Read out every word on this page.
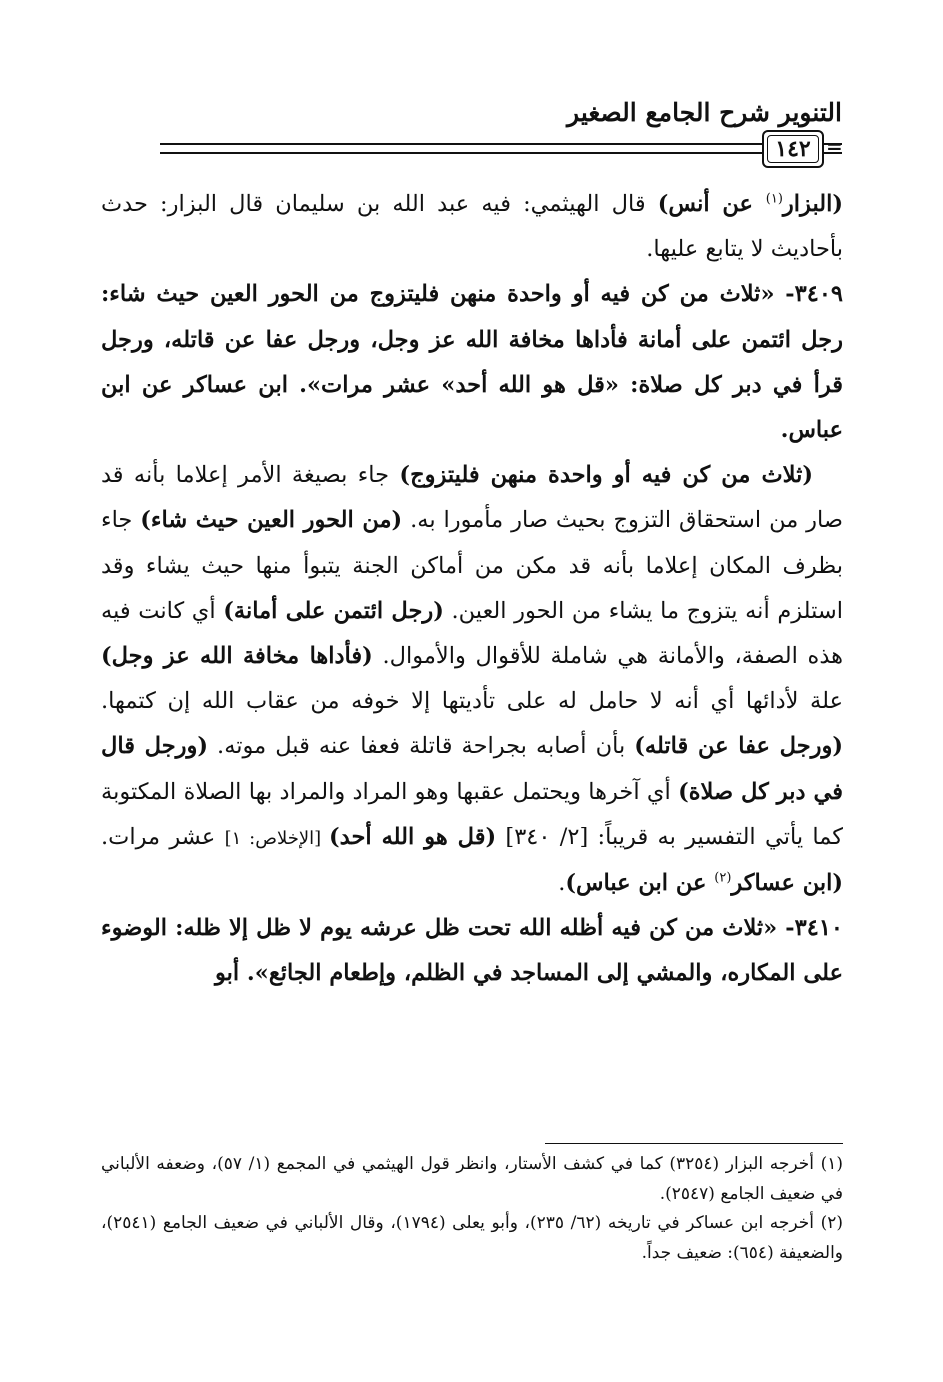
التنوير شرح الجامع الصغير
١٤٢ =

(البزار$^{(١)}$ عن أنس) قال الهيثمي: فيه عبد الله بن سليمان قال البزار: حدث بأحاديث لا يتابع عليها.

٣٤٠٩- «ثلاث من كن فيه أو واحدة منهن فليتزوج من الحور العين حيث شاء: رجل ائتمن على أمانة فأداها مخافة الله عز وجل، ورجل عفا عن قاتله، ورجل قرأ في دبر كل صلاة: «قل هو الله أحد» عشر مرات». ابن عساكر عن ابن عباس.

(ثلاث من كن فيه أو واحدة منهن فليتزوج) جاء بصيغة الأمر إعلاما بأنه قد صار من استحقاق التزوج بحيث صار مأمورا به. (من الحور العين حيث شاء) جاء بظرف المكان إعلاما بأنه قد مكن من أماكن الجنة يتبوأ منها حيث يشاء وقد استلزم أنه يتزوج ما يشاء من الحور العين. (رجل ائتمن على أمانة) أي كانت فيه هذه الصفة، والأمانة هي شاملة للأقوال والأموال. (فأداها مخافة الله عز وجل) علة لأدائها أي أنه لا حامل له على تأديتها إلا خوفه من عقاب الله إن كتمها. (ورجل عفا عن قاتله) بأن أصابه بجراحة قاتلة فعفا عنه قبل موته. (ورجل قال في دبر كل صلاة) أي آخرها ويحتمل عقبها وهو المراد والمراد بها الصلاة المكتوبة كما يأتي التفسير به قريباً: [٢/ ٣٤٠] (قل هو الله أحد) [الإخلاص: ١] عشر مرات. (ابن عساكر$^{(٢)}$ عن ابن عباس).

٣٤١٠- «ثلاث من كن فيه أظله الله تحت ظل عرشه يوم لا ظل إلا ظله: الوضوء على المكاره، والمشي إلى المساجد في الظلم، وإطعام الجائع». أبو

(١) أخرجه البزار (٣٢٥٤) كما في كشف الأستار، وانظر قول الهيثمي في المجمع (١/ ٥٧)، وضعفه الألباني في ضعيف الجامع (٢٥٤٧).

(٢) أخرجه ابن عساكر في تاريخه (٦٢/ ٢٣٥)، وأبو يعلى (١٧٩٤)، وقال الألباني في ضعيف الجامع (٢٥٤١)، والضعيفة (٦٥٤): ضعيف جداً.
